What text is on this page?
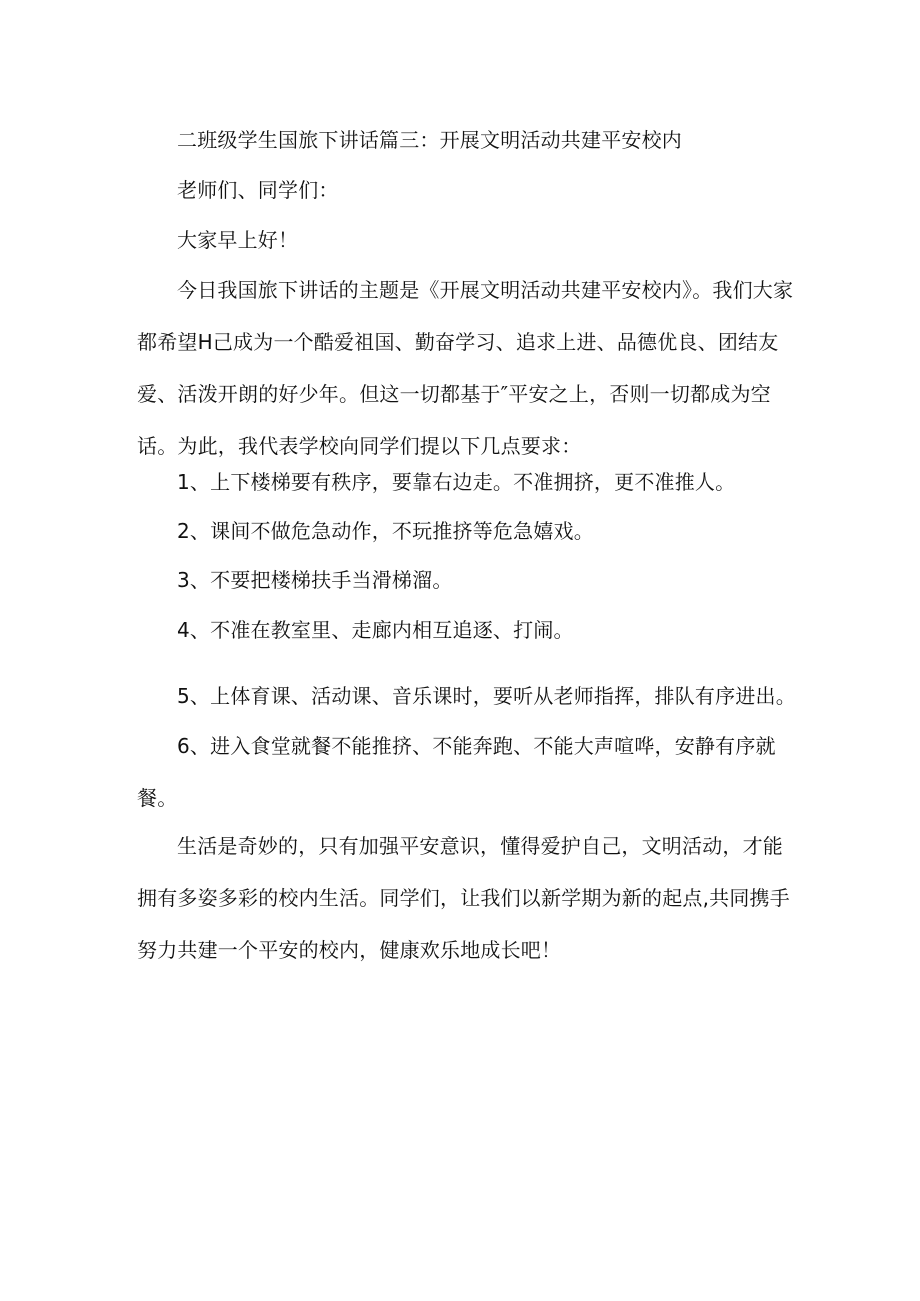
二班级学生国旅下讲话篇三：开展文明活动共建平安校内
老师们、同学们：
大家早上好！
今日我国旅下讲话的主题是《开展文明活动共建平安校内》。我们大家都希望H己成为一个酷爱祖国、勤奋学习、追求上进、品德优良、团结友爱、活泼开朗的好少年。但这一切都基于″平安之上，否则一切都成为空话。为此，我代表学校向同学们提以下几点要求：
1、上下楼梯要有秩序，要靠右边走。不准拥挤，更不准推人。
2、课间不做危急动作，不玩推挤等危急嬉戏。
3、不要把楼梯扶手当滑梯溜。
4、不准在教室里、走廊内相互追逐、打闹。
5、上体育课、活动课、音乐课时，要听从老师指挥，排队有序进出。
6、进入食堂就餐不能推挤、不能奔跑、不能大声喧哗，安静有序就餐。
生活是奇妙的，只有加强平安意识，懂得爱护自己，文明活动，才能拥有多姿多彩的校内生活。同学们，让我们以新学期为新的起点,共同携手努力共建一个平安的校内，健康欢乐地成长吧！
